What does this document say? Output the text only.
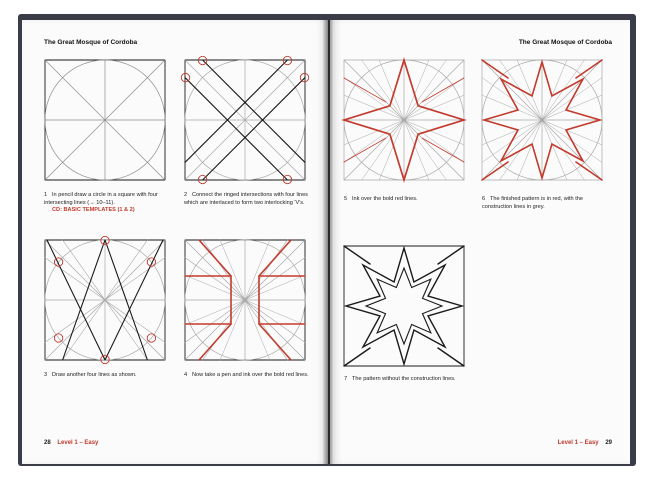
The Great Mosque of Cordoba
1 In pencil draw a circle in a square with four intersecting lines (→ 10–11).
CD: BASIC TEMPLATES (1 & 2)
2 Connect the ringed intersections with four lines which are interlaced to form two interlocking 'V's.
3 Draw another four lines as shown.	4 Now take a pen and ink over the bold red lines.
28 Level 1 – Easy
The Great Mosque of Cordoba
5 Ink over the bold red lines.	6 The finished pattern is in red, with the construction lines in grey.
7 The pattern without the construction lines.
Level 1 – Easy 29
